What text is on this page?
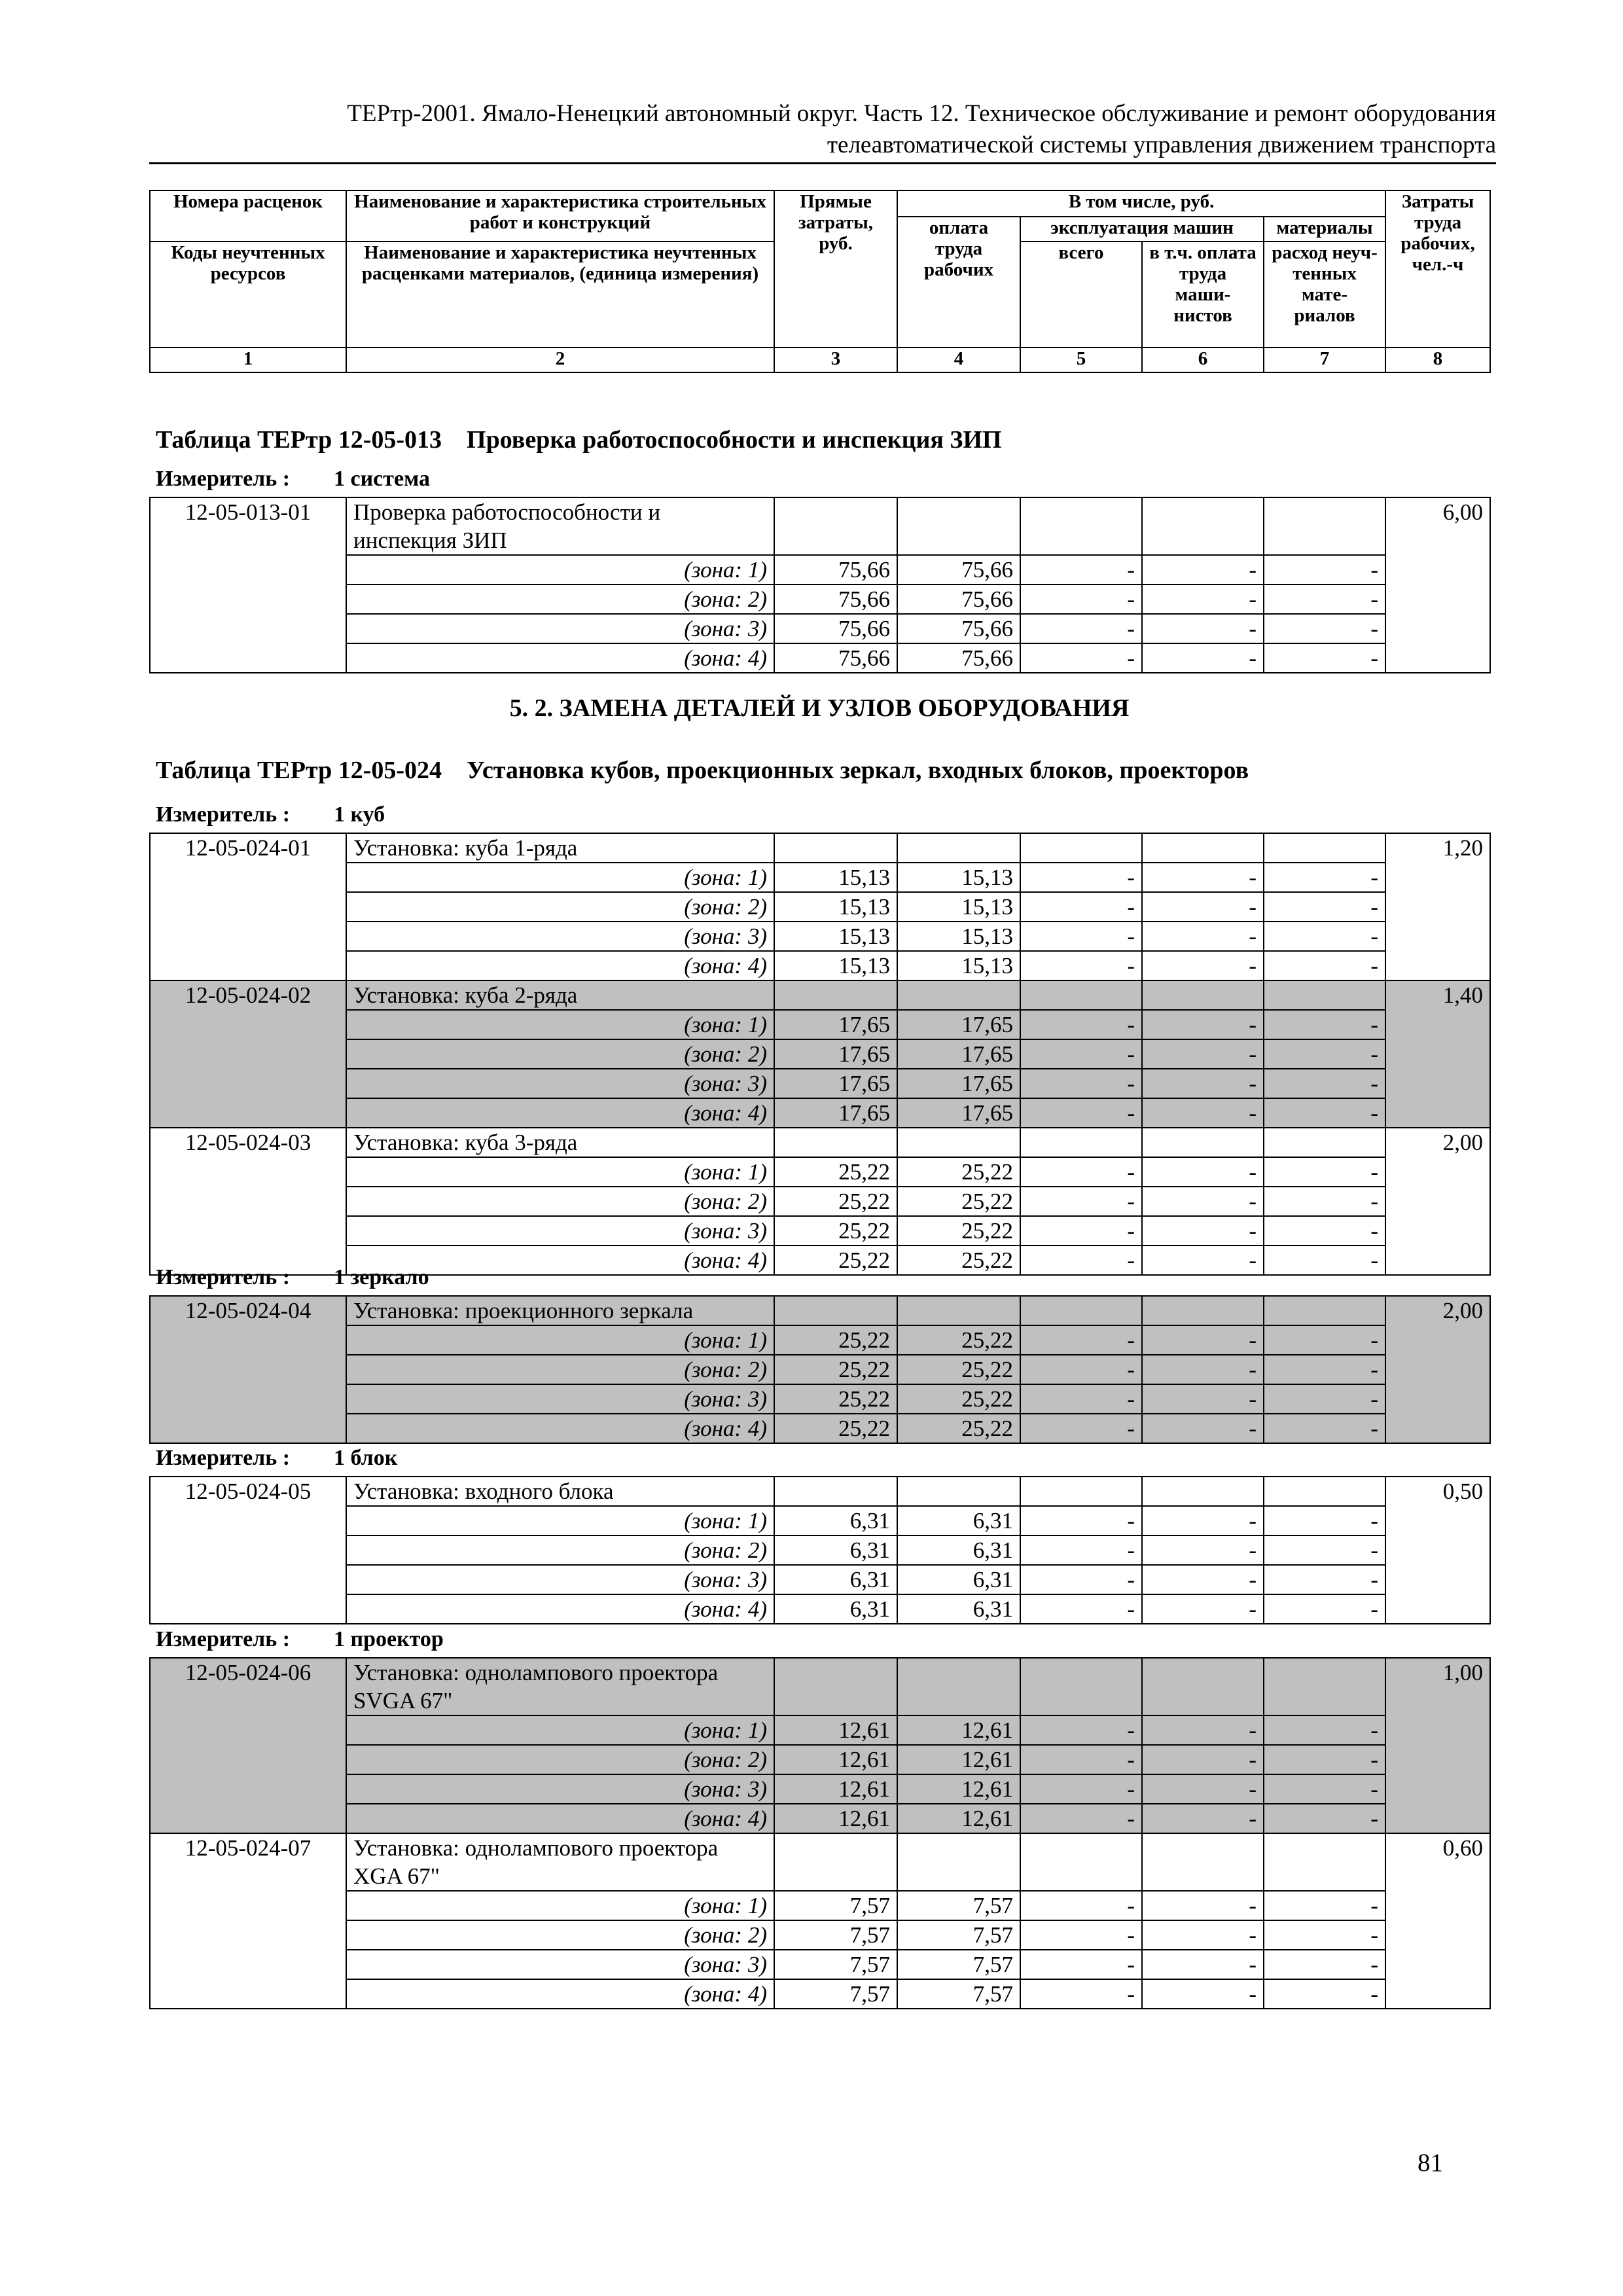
ТЕРтр-2001. Ямало-Ненецкий автономный округ. Часть 12. Техническое обслуживание и ремонт оборудования
телеавтоматической системы управления движением транспорта
Номера расценок	Наименование и характеристика строительных работ и конструкций	Прямые затраты, руб.	В том числе, руб.				Затраты труда рабочих, чел.-ч
			оплата труда рабочих	эксплуатация машин		материалы	
Коды неучтенных ресурсов	Наименование и характеристика неучтенных расценками материалов, (единица измерения)			всего	в т.ч. оплата труда маши- нистов	расход неуч- тенных мате- риалов	
1	2	3	4	5	6	7	8
Таблица ТЕРтр 12-05-013 Проверка работоспособности и инспекция ЗИП
Измеритель : 1 система
12-05-013-01	Проверка работоспособности и инспекция ЗИП						6,00

	(зона: 1)	75,66	75,66	-	-	-	
	(зона: 2)	75,66	75,66	-	-	-	
	(зона: 3)	75,66	75,66	-	-	-	
	(зона: 4)	75,66	75,66	-	-	-	
5. 2. ЗАМЕНА ДЕТАЛЕЙ И УЗЛОВ ОБОРУДОВАНИЯ
Таблица ТЕРтр 12-05-024 Установка кубов, проекционных зеркал, входных блоков, проекторов
Измеритель : 1 куб
12-05-024-01	Установка: куба 1-ряда						1,20
	(зона: 1)	15,13	15,13	-	-	-	
	(зона: 2)	15,13	15,13	-	-	-	
	(зона: 3)	15,13	15,13	-	-	-	
	(зона: 4)	15,13	15,13	-	-	-	
12-05-024-02	Установка: куба 2-ряда						1,40
	(зона: 1)	17,65	17,65	-	-	-	
	(зона: 2)	17,65	17,65	-	-	-	
	(зона: 3)	17,65	17,65	-	-	-	
	(зона: 4)	17,65	17,65	-	-	-	
12-05-024-03	Установка: куба 3-ряда						2,00
	(зона: 1)	25,22	25,22	-	-	-	
	(зона: 2)	25,22	25,22	-	-	-	
	(зона: 3)	25,22	25,22	-	-	-	
	(зона: 4)	25,22	25,22	-	-	-	
Измеритель : 1 зеркало
12-05-024-04	Установка: проекционного зеркала						2,00

	(зона: 1)	25,22	25,22	-	-	-	
	(зона: 2)	25,22	25,22	-	-	-	
	(зона: 3)	25,22	25,22	-	-	-	
	(зона: 4)	25,22	25,22	-	-	-	
Измеритель : 1 блок
12-05-024-05	Установка: входного блока						0,50
	(зона: 1)	6,31	6,31	-	-	-	
	(зона: 2)	6,31	6,31	-	-	-	
	(зона: 3)	6,31	6,31	-	-	-	
	(зона: 4)	6,31	6,31	-	-	-	
Измеритель : 1 проектор
12-05-024-06	Установка: однолампового проектора SVGA 67"						1,00

	(зона: 1)	12,61	12,61	-	-	-	
	(зона: 2)	12,61	12,61	-	-	-	
	(зона: 3)	12,61	12,61	-	-	-	
	(зона: 4)	12,61	12,61	-	-	-	
12-05-024-07	Установка: однолампового проектора XGA 67"						0,60

	(зона: 1)	7,57	7,57	-	-	-	
	(зона: 2)	7,57	7,57	-	-	-	
	(зона: 3)	7,57	7,57	-	-	-	
	(зона: 4)	7,57	7,57	-	-	-	
81
